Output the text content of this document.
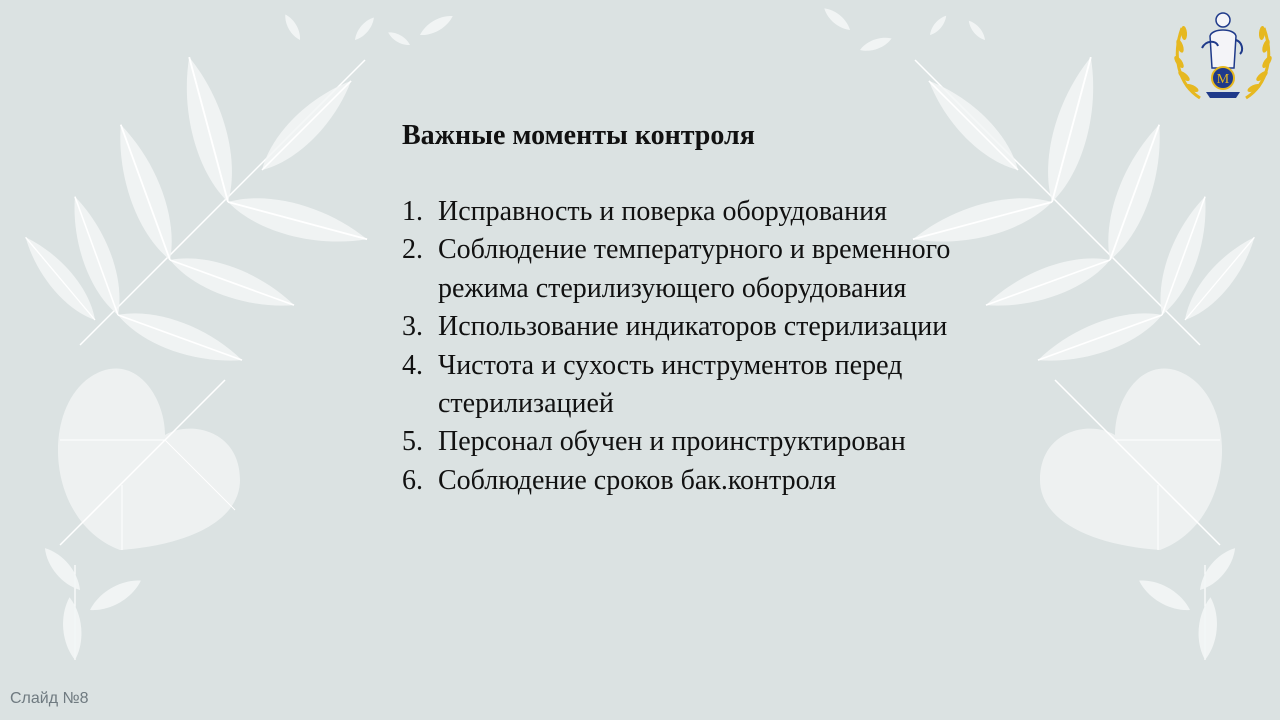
M
Важные моменты контроля
1. Исправность и поверка оборудования
2. Соблюдение температурного и временного режима стерилизующего оборудования
3. Использование индикаторов стерилизации
4. Чистота и сухость инструментов перед стерилизацией
5. Персонал обучен и проинструктирован
6. Соблюдение сроков бак.контроля
Слайд №8
